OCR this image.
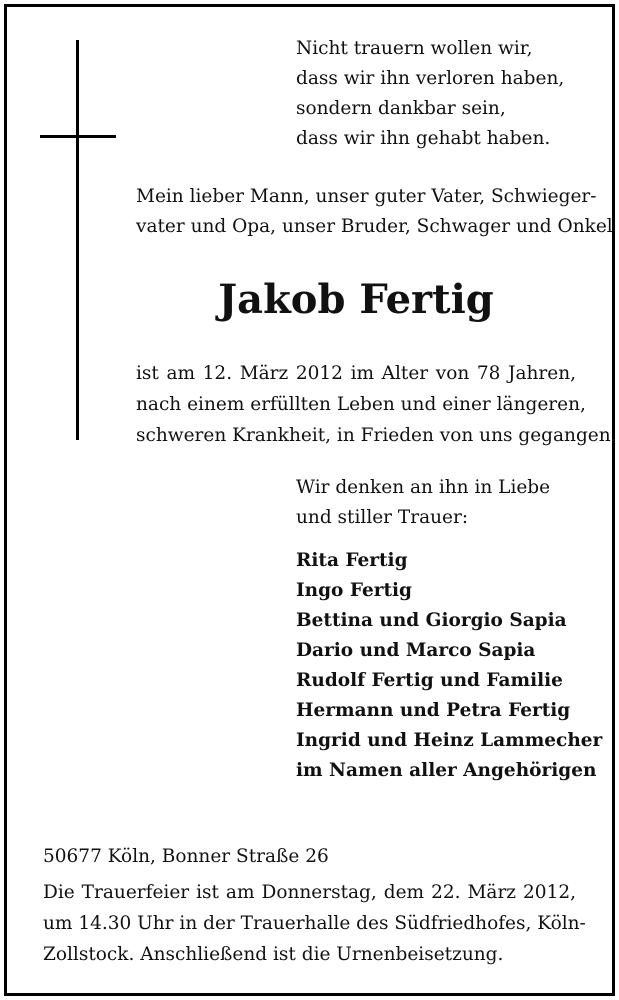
Nicht trauern wollen wir,
dass wir ihn verloren haben,
sondern dankbar sein,
dass wir ihn gehabt haben.
Mein lieber Mann, unser guter Vater, Schwieger-
vater und Opa, unser Bruder, Schwager und Onkel
Jakob Fertig
ist am 12. März 2012 im Alter von 78 Jahren,
nach einem erfüllten Leben und einer längeren,
schweren Krankheit, in Frieden von uns gegangen.
Wir denken an ihn in Liebe
und stiller Trauer:
Rita Fertig
Ingo Fertig
Bettina und Giorgio Sapia
Dario und Marco Sapia
Rudolf Fertig und Familie
Hermann und Petra Fertig
Ingrid und Heinz Lammecher
im Namen aller Angehörigen
50677 Köln, Bonner Straße 26
Die Trauerfeier ist am Donnerstag, dem 22. März 2012,
um 14.30 Uhr in der Trauerhalle des Südfriedhofes, Köln-
Zollstock. Anschließend ist die Urnenbeisetzung.
